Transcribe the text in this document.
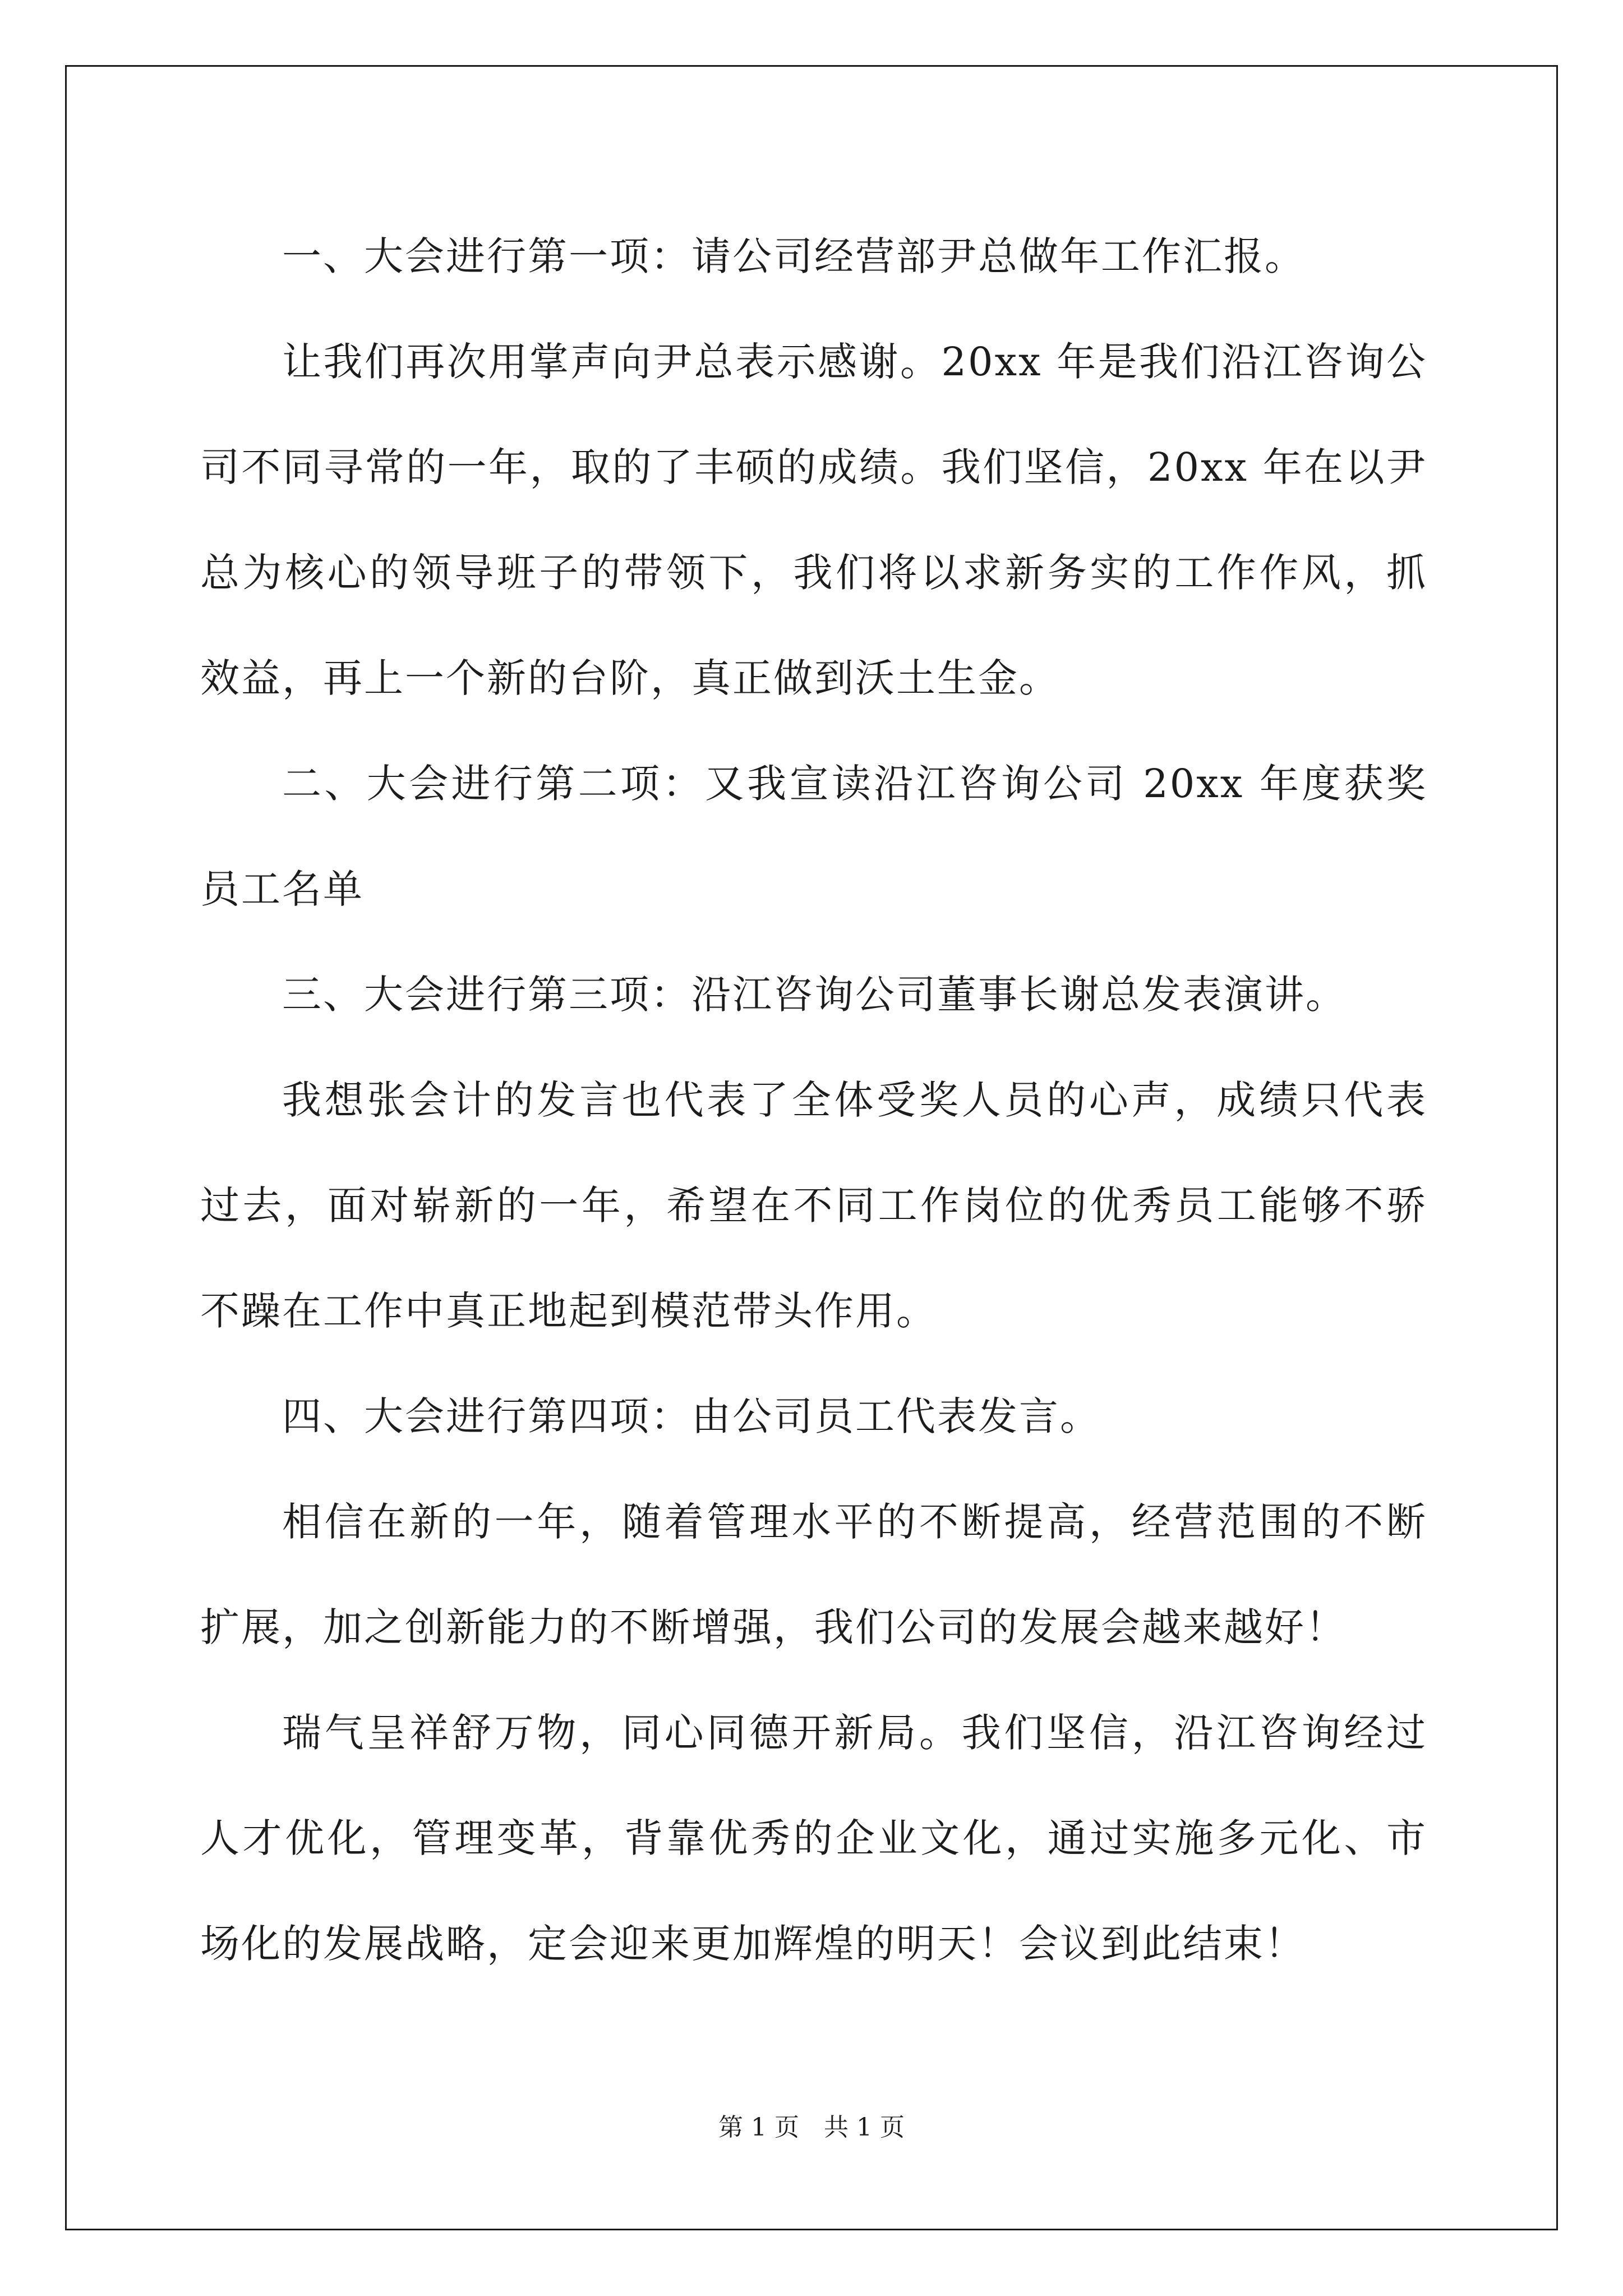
一、大会进行第一项：请公司经营部尹总做年工作汇报。

让我们再次用掌声向尹总表示感谢。20xx 年是我们沿江咨询公司不同寻常的一年，取的了丰硕的成绩。我们坚信，20xx 年在以尹总为核心的领导班子的带领下，我们将以求新务实的工作作风，抓效益，再上一个新的台阶，真正做到沃土生金。

二、大会进行第二项：又我宣读沿江咨询公司 20xx 年度获奖员工名单

三、大会进行第三项：沿江咨询公司董事长谢总发表演讲。

我想张会计的发言也代表了全体受奖人员的心声，成绩只代表过去，面对崭新的一年，希望在不同工作岗位的优秀员工能够不骄不躁在工作中真正地起到模范带头作用。

四、大会进行第四项：由公司员工代表发言。

相信在新的一年，随着管理水平的不断提高，经营范围的不断扩展，加之创新能力的不断增强，我们公司的发展会越来越好！

瑞气呈祥舒万物，同心同德开新局。我们坚信，沿江咨询经过人才优化，管理变革，背靠优秀的企业文化，通过实施多元化、市场化的发展战略，定会迎来更加辉煌的明天！会议到此结束！

第 1 页　共 1 页
